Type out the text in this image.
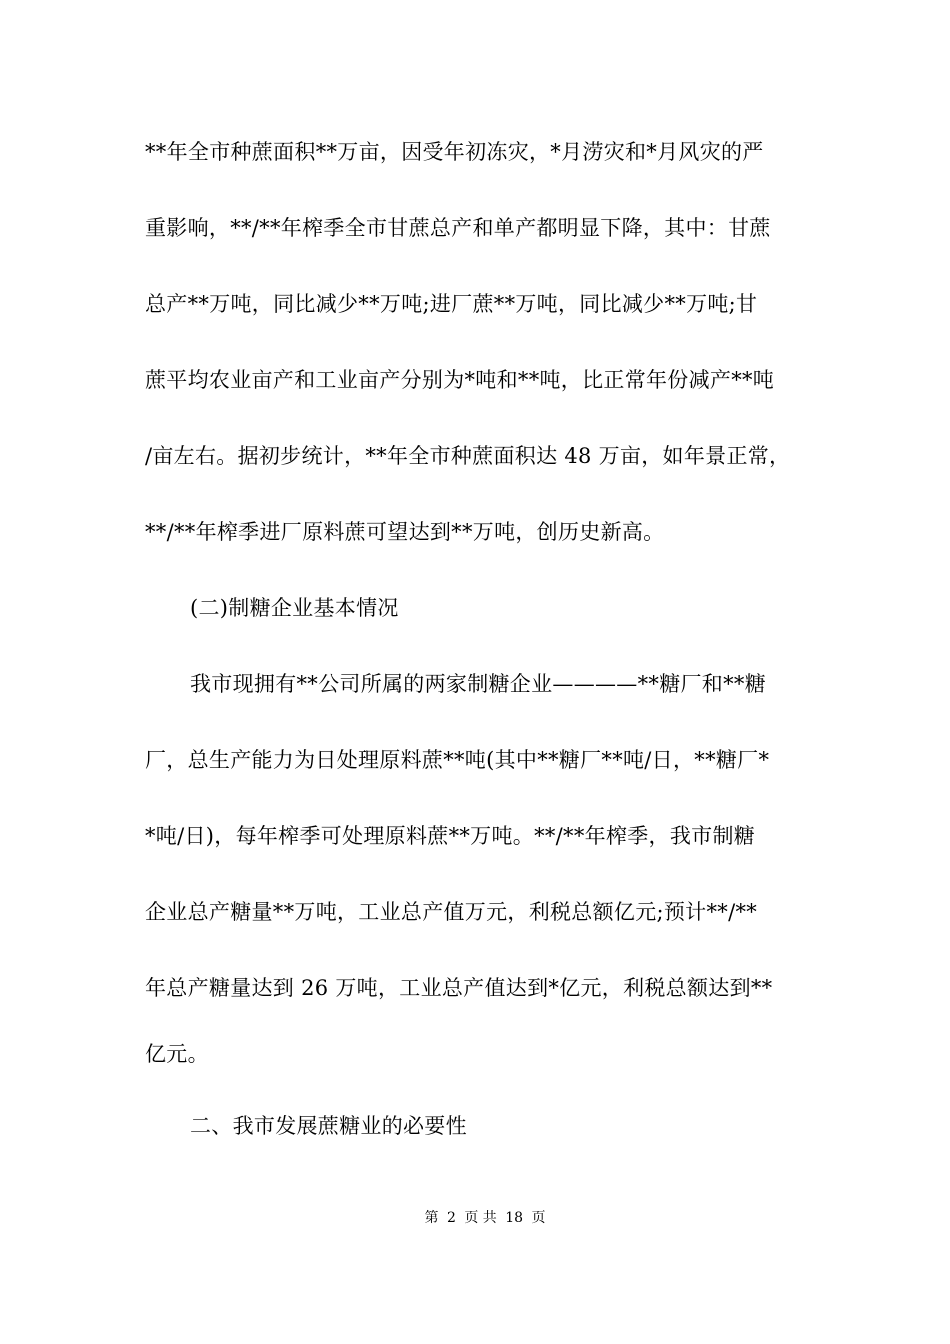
**年全市种蔗面积**万亩，因受年初冻灾，*月涝灾和*月风灾的严
重影响，**/**年榨季全市甘蔗总产和单产都明显下降，其中：甘蔗
总产**万吨，同比减少**万吨;进厂蔗**万吨，同比减少**万吨;甘
蔗平均农业亩产和工业亩产分别为*吨和**吨，比正常年份减产**吨
/亩左右。据初步统计，**年全市种蔗面积达 48 万亩，如年景正常，
**/**年榨季进厂原料蔗可望达到**万吨，创历史新高。
(二)制糖企业基本情况
我市现拥有**公司所属的两家制糖企业————**糖厂和**糖
厂，总生产能力为日处理原料蔗**吨(其中**糖厂**吨/日，**糖厂*
*吨/日)，每年榨季可处理原料蔗**万吨。**/**年榨季，我市制糖
企业总产糖量**万吨，工业总产值万元，利税总额亿元;预计**/**
年总产糖量达到 26 万吨，工业总产值达到*亿元，利税总额达到**
亿元。
二、我市发展蔗糖业的必要性
第 2 页 共 18 页
